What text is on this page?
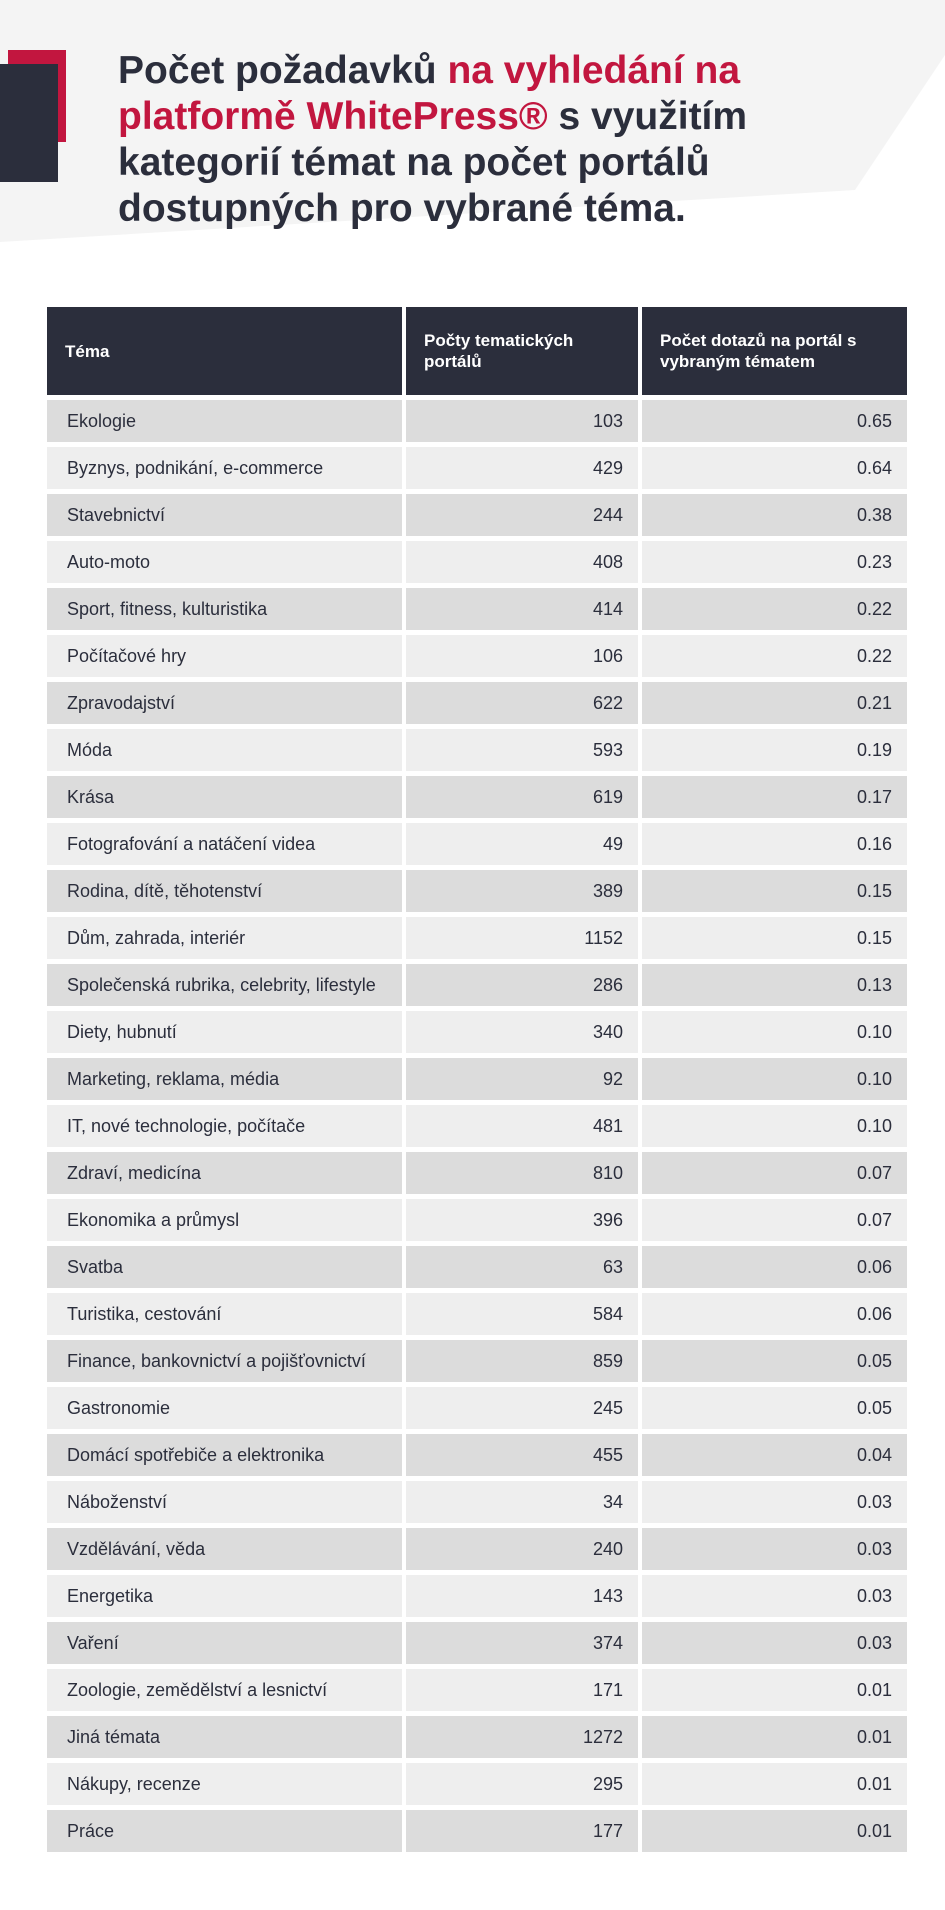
Počet požadavků na vyhledání na platformě WhitePress® s využitím kategorií témat na počet portálů dostupných pro vybrané téma.
Téma	Počty tematických portálů	Počet dotazů na portál s vybraným tématem
Ekologie	103	0.65
Byznys, podnikání, e-commerce	429	0.64
Stavebnictví	244	0.38
Auto-moto	408	0.23
Sport, fitness, kulturistika	414	0.22
Počítačové hry	106	0.22
Zpravodajství	622	0.21
Móda	593	0.19
Krása	619	0.17
Fotografování a natáčení videa	49	0.16
Rodina, dítě, těhotenství	389	0.15
Dům, zahrada, interiér	1152	0.15
Společenská rubrika, celebrity, lifestyle	286	0.13
Diety, hubnutí	340	0.10
Marketing, reklama, média	92	0.10
IT, nové technologie, počítače	481	0.10
Zdraví, medicína	810	0.07
Ekonomika a průmysl	396	0.07
Svatba	63	0.06
Turistika, cestování	584	0.06
Finance, bankovnictví a pojišťovnictví	859	0.05
Gastronomie	245	0.05
Domácí spotřebiče a elektronika	455	0.04
Náboženství	34	0.03
Vzdělávání, věda	240	0.03
Energetika	143	0.03
Vaření	374	0.03
Zoologie, zemědělství a lesnictví	171	0.01
Jiná témata	1272	0.01
Nákupy, recenze	295	0.01
Práce	177	0.01
